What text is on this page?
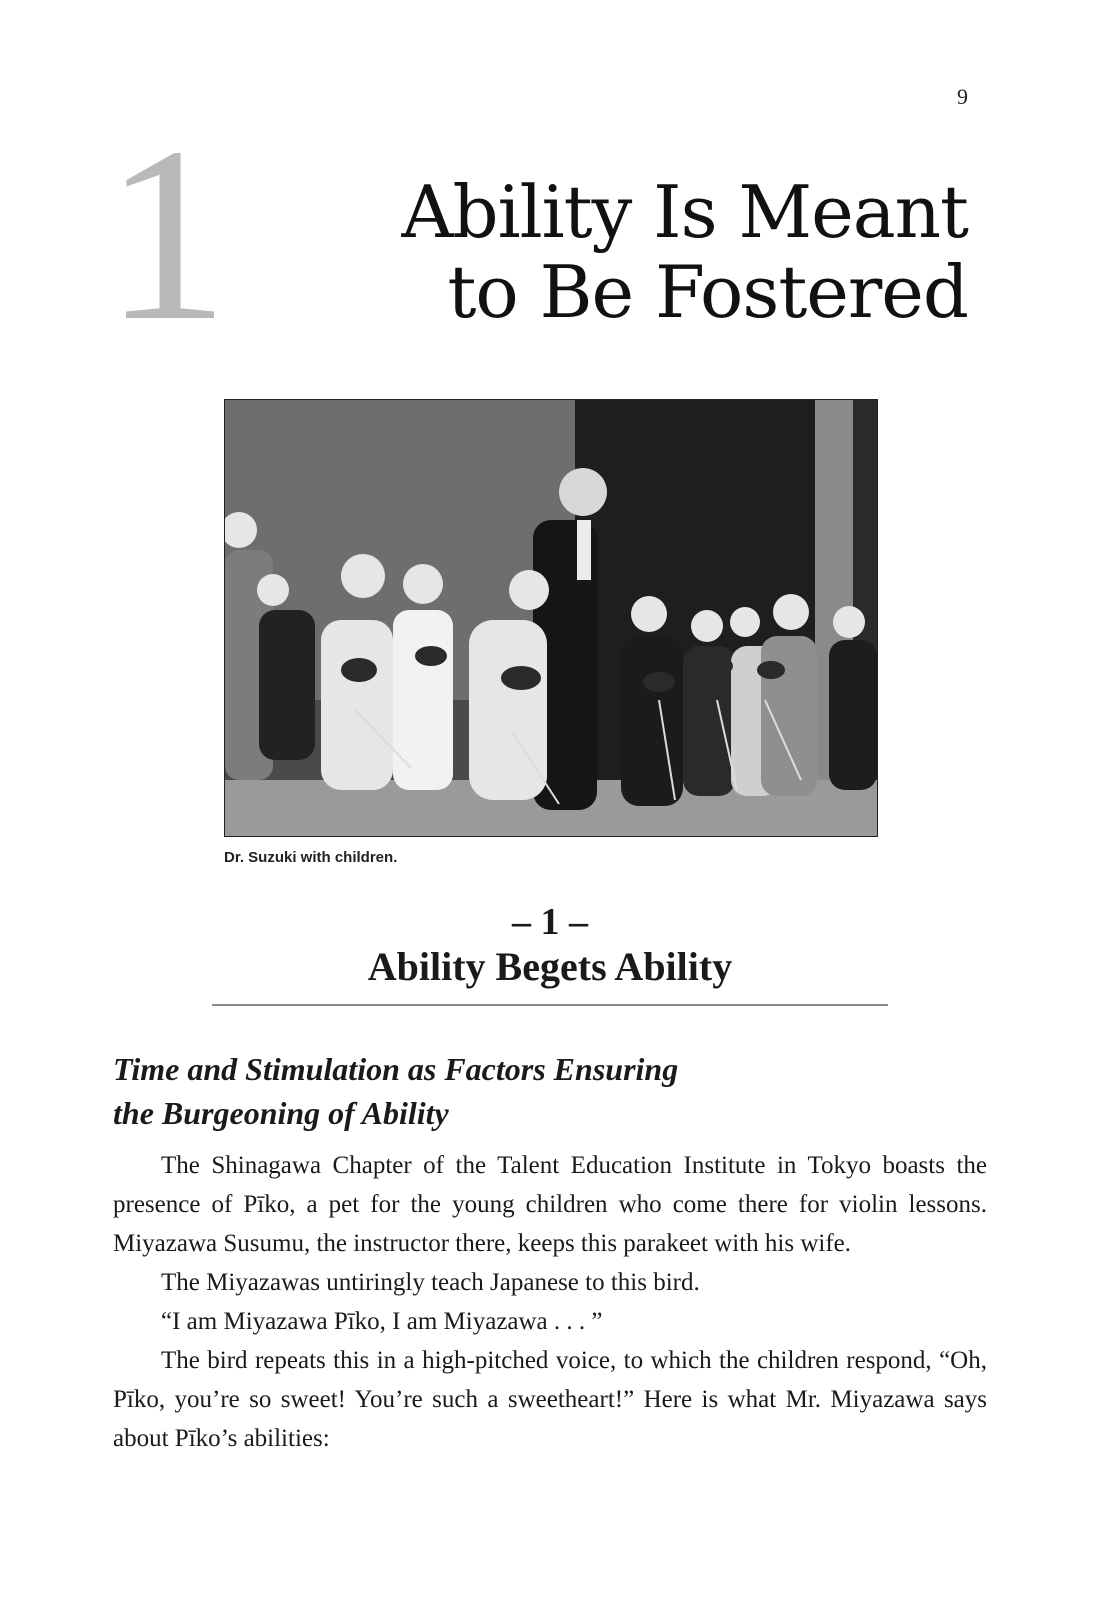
9
1 Ability Is Meant
to Be Fostered
Dr. Suzuki with children.
– 1 –
Ability Begets Ability
Time and Stimulation as Factors Ensuring
the Burgeoning of Ability

The Shinagawa Chapter of the Talent Education Institute in Tokyo boasts the presence of Pīko, a pet for the young children who come there for violin lessons. Miyazawa Susumu, the instructor there, keeps this parakeet with his wife.

The Miyazawas untiringly teach Japanese to this bird.

“I am Miyazawa Pīko, I am Miyazawa . . . ”

The bird repeats this in a high-pitched voice, to which the children respond, “Oh, Pīko, you’re so sweet! You’re such a sweetheart!” Here is what Mr. Miyazawa says about Pīko’s abilities:
